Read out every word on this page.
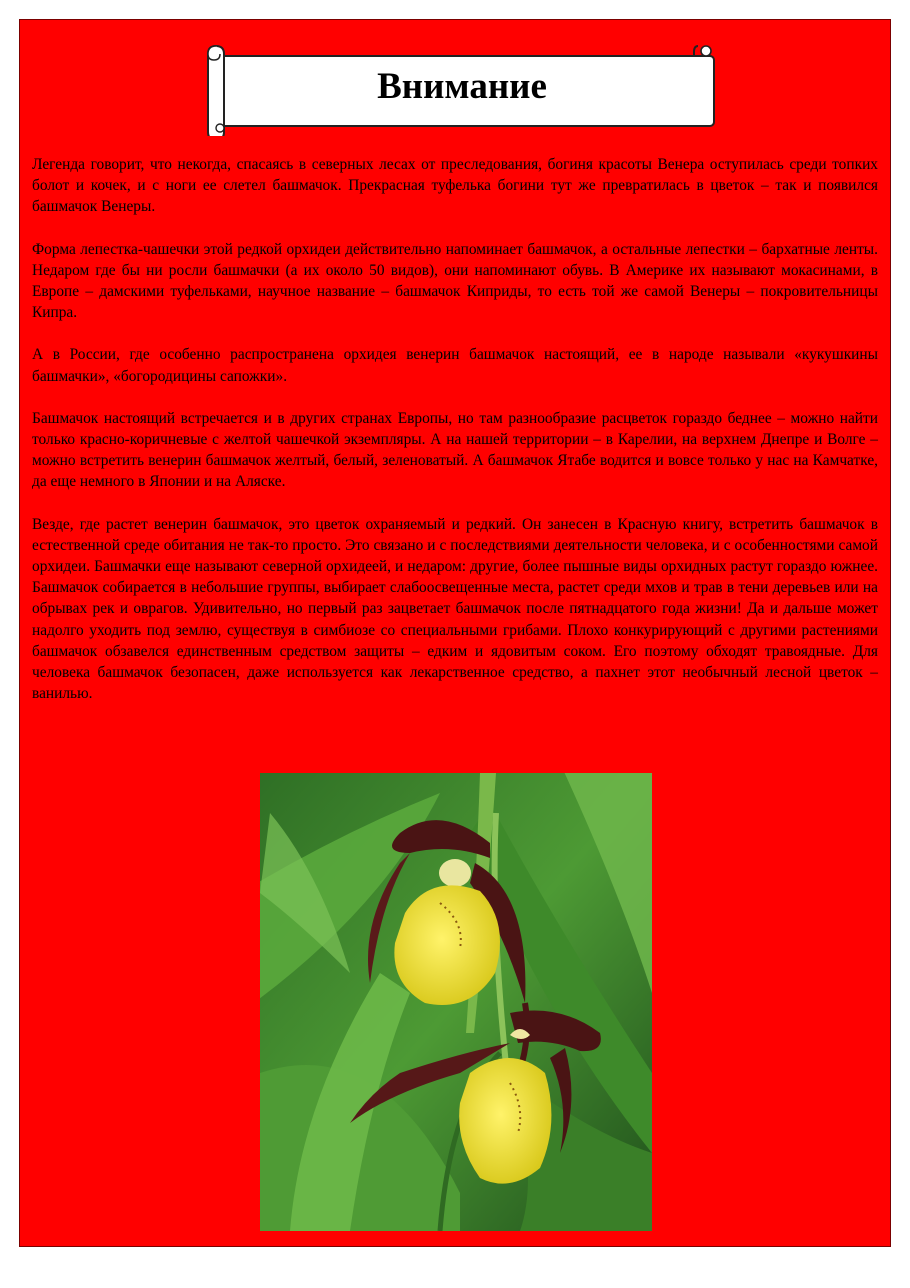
Внимание

Легенда говорит, что некогда, спасаясь в северных лесах от преследования, богиня красоты Венера оступилась среди топких болот и кочек, и с ноги ее слетел башмачок. Прекрасная туфелька богини тут же превратилась в цветок – так и появился башмачок Венеры.

Форма лепестка-чашечки этой редкой орхидеи действительно напоминает башмачок, а остальные лепестки – бархатные ленты. Недаром где бы ни росли башмачки (а их около 50 видов), они напоминают обувь. В Америке их называют мокасинами, в Европе – дамскими туфельками, научное название – башмачок Киприды, то есть той же самой Венеры – покровительницы Кипра.

А в России, где особенно распространена орхидея венерин башмачок настоящий, ее в народе называли «кукушкины башмачки», «богородицины сапожки».

Башмачок настоящий встречается и в других странах Европы, но там разнообразие расцветок гораздо беднее – можно найти только красно-коричневые с желтой чашечкой экземпляры. А на нашей территории – в Карелии, на верхнем Днепре и Волге – можно встретить венерин башмачок желтый, белый, зеленоватый. А башмачок Ятабе водится и вовсе только у нас на Камчатке, да еще немного в Японии и на Аляске.

Везде, где растет венерин башмачок, это цветок охраняемый и редкий. Он занесен в Красную книгу, встретить башмачок в естественной среде обитания не так-то просто. Это связано и с последствиями деятельности человека, и с особенностями самой орхидеи. Башмачки еще называют северной орхидеей, и недаром: другие, более пышные виды орхидных растут гораздо южнее. Башмачок собирается в небольшие группы, выбирает слабоосвещенные места, растет среди мхов и трав в тени деревьев или на обрывах рек и оврагов. Удивительно, но первый раз зацветает башмачок после пятнадцатого года жизни! Да и дальше может надолго уходить под землю, существуя в симбиозе со специальными грибами. Плохо конкурирующий с другими растениями башмачок обзавелся единственным средством защиты – едким и ядовитым соком. Его поэтому обходят травоядные. Для человека башмачок безопасен, даже используется как лекарственное средство, а пахнет этот необычный лесной цветок – ванилью.
